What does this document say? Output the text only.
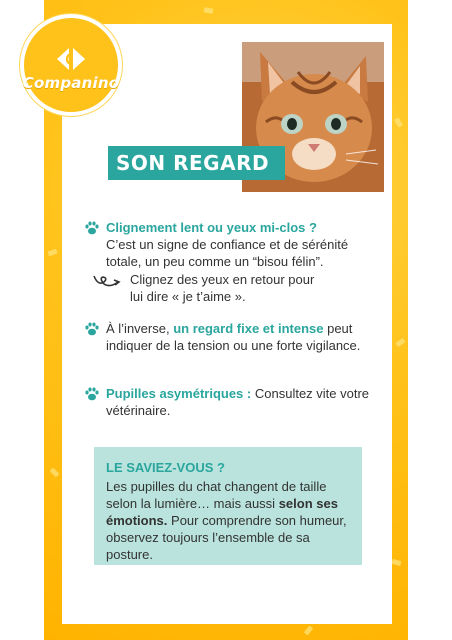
Companino
SON REGARD
Clignement lent ou yeux mi-clos ?
C’est un signe de confiance et de sérénité totale, un peu comme un “bisou félin”.
Clignez des yeux en retour pour lui dire « je t’aime ».
À l’inverse, un regard fixe et intense peut indiquer de la tension ou une forte vigilance.
Pupilles asymétriques : Consultez vite votre vétérinaire.
LE SAVIEZ-VOUS ?
Les pupilles du chat changent de taille selon la lumière… mais aussi selon ses émotions. Pour comprendre son humeur, observez toujours l’ensemble de sa posture.
